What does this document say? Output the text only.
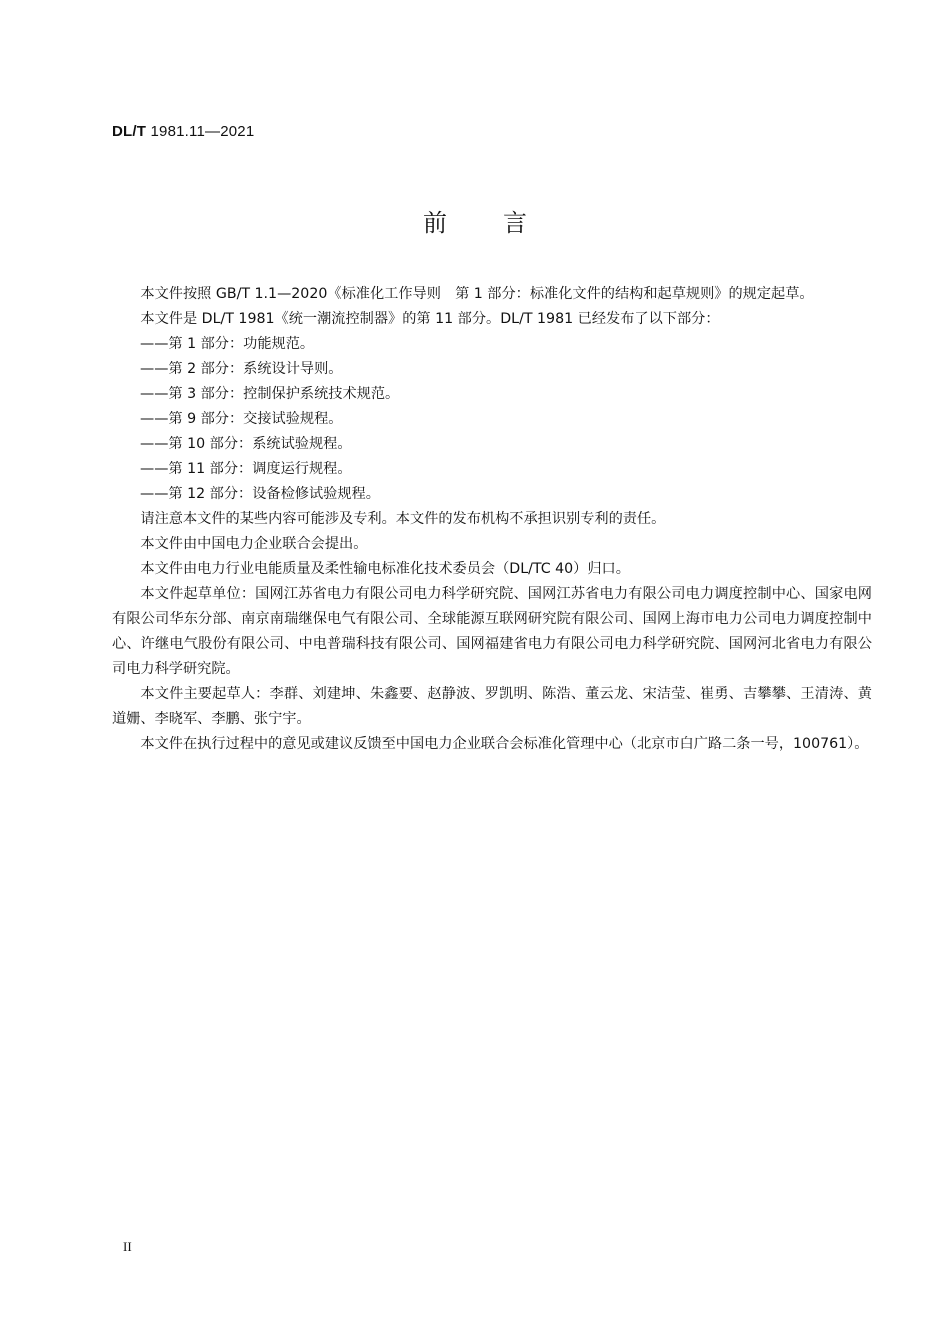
DL/T 1981.11—2021
前 言

本文件按照 GB/T 1.1—2020《标准化工作导则　第 1 部分：标准化文件的结构和起草规则》的规定起草。

本文件是 DL/T 1981《统一潮流控制器》的第 11 部分。DL/T 1981 已经发布了以下部分：

——第 1 部分：功能规范。

——第 2 部分：系统设计导则。

——第 3 部分：控制保护系统技术规范。

——第 9 部分：交接试验规程。

——第 10 部分：系统试验规程。

——第 11 部分：调度运行规程。

——第 12 部分：设备检修试验规程。

请注意本文件的某些内容可能涉及专利。本文件的发布机构不承担识别专利的责任。

本文件由中国电力企业联合会提出。

本文件由电力行业电能质量及柔性输电标准化技术委员会（DL/TC 40）归口。

本文件起草单位：国网江苏省电力有限公司电力科学研究院、国网江苏省电力有限公司电力调度控制中心、国家电网有限公司华东分部、南京南瑞继保电气有限公司、全球能源互联网研究院有限公司、国网上海市电力公司电力调度控制中心、许继电气股份有限公司、中电普瑞科技有限公司、国网福建省电力有限公司电力科学研究院、国网河北省电力有限公司电力科学研究院。

本文件主要起草人：李群、刘建坤、朱鑫要、赵静波、罗凯明、陈浩、董云龙、宋洁莹、崔勇、吉攀攀、王清涛、黄道姗、李晓军、李鹏、张宁宇。

本文件在执行过程中的意见或建议反馈至中国电力企业联合会标准化管理中心（北京市白广路二条一号，100761）。

II
